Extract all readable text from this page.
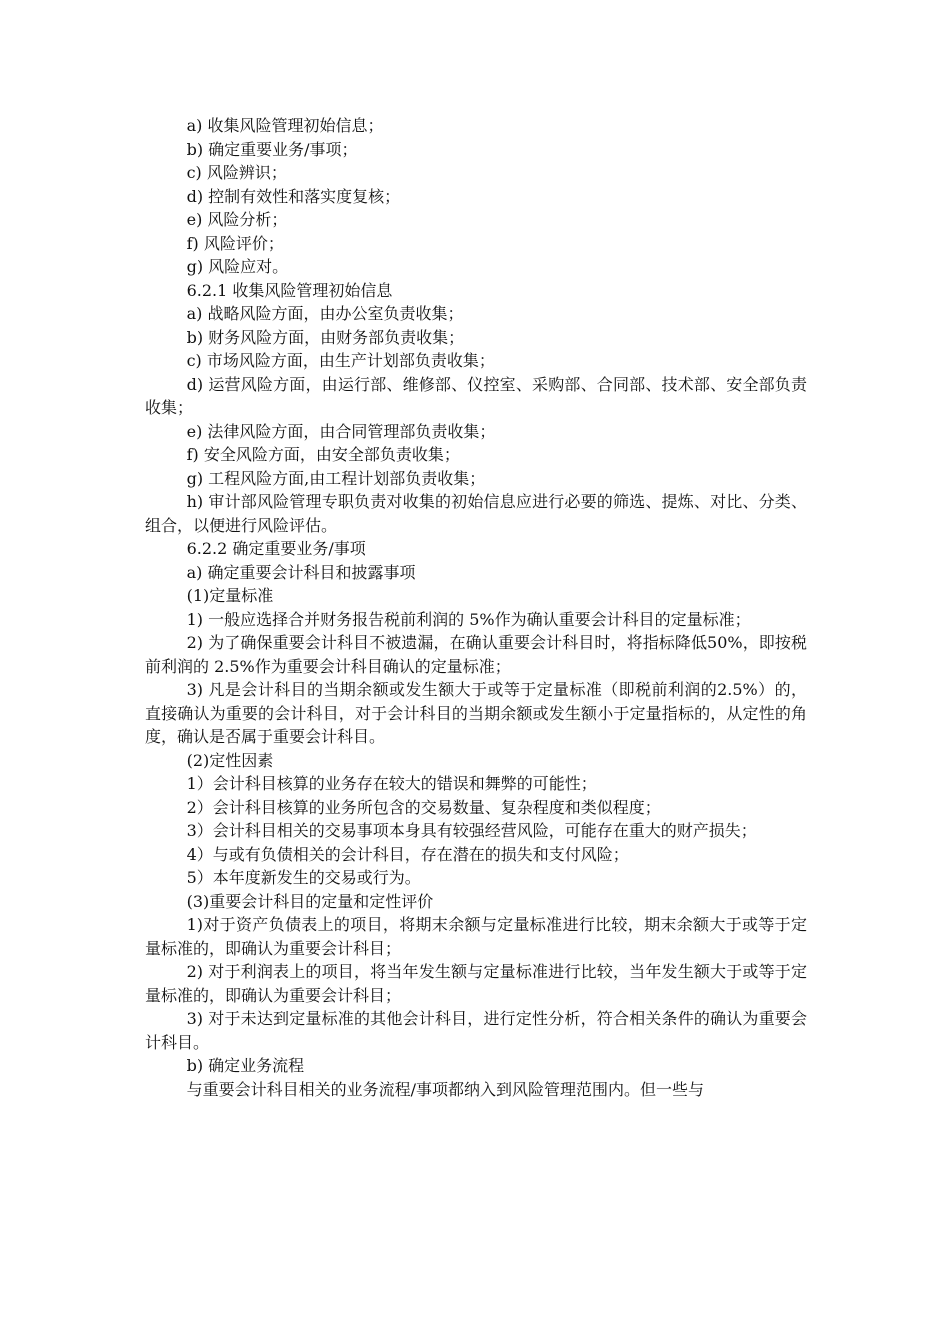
a) 收集风险管理初始信息；

b) 确定重要业务/事项；

c) 风险辨识；

d) 控制有效性和落实度复核；

e) 风险分析；

f) 风险评价；

g) 风险应对。

6.2.1 收集风险管理初始信息

a) 战略风险方面，由办公室负责收集；

b) 财务风险方面，由财务部负责收集；

c) 市场风险方面，由生产计划部负责收集；

d) 运营风险方面，由运行部、维修部、仪控室、采购部、合同部、技术部、安全部负责收集；

e) 法律风险方面，由合同管理部负责收集；

f) 安全风险方面，由安全部负责收集；

g) 工程风险方面,由工程计划部负责收集；

h) 审计部风险管理专职负责对收集的初始信息应进行必要的筛选、提炼、对比、分类、组合，以便进行风险评估。

6.2.2 确定重要业务/事项

a) 确定重要会计科目和披露事项

(1)定量标准

1) 一般应选择合并财务报告税前利润的 5%作为确认重要会计科目的定量标准；

2) 为了确保重要会计科目不被遗漏，在确认重要会计科目时，将指标降低50%，即按税前利润的 2.5%作为重要会计科目确认的定量标准；

3) 凡是会计科目的当期余额或发生额大于或等于定量标准（即税前利润的2.5%）的，直接确认为重要的会计科目，对于会计科目的当期余额或发生额小于定量指标的，从定性的角度，确认是否属于重要会计科目。

(2)定性因素

1）会计科目核算的业务存在较大的错误和舞弊的可能性；

2）会计科目核算的业务所包含的交易数量、复杂程度和类似程度；

3）会计科目相关的交易事项本身具有较强经营风险，可能存在重大的财产损失；

4）与或有负债相关的会计科目，存在潜在的损失和支付风险；

5）本年度新发生的交易或行为。

(3)重要会计科目的定量和定性评价

1)对于资产负债表上的项目，将期末余额与定量标准进行比较，期末余额大于或等于定量标准的，即确认为重要会计科目；

2) 对于利润表上的项目，将当年发生额与定量标准进行比较，当年发生额大于或等于定量标准的，即确认为重要会计科目；

3) 对于未达到定量标准的其他会计科目，进行定性分析，符合相关条件的确认为重要会计科目。

b) 确定业务流程

与重要会计科目相关的业务流程/事项都纳入到风险管理范围内。但一些与
